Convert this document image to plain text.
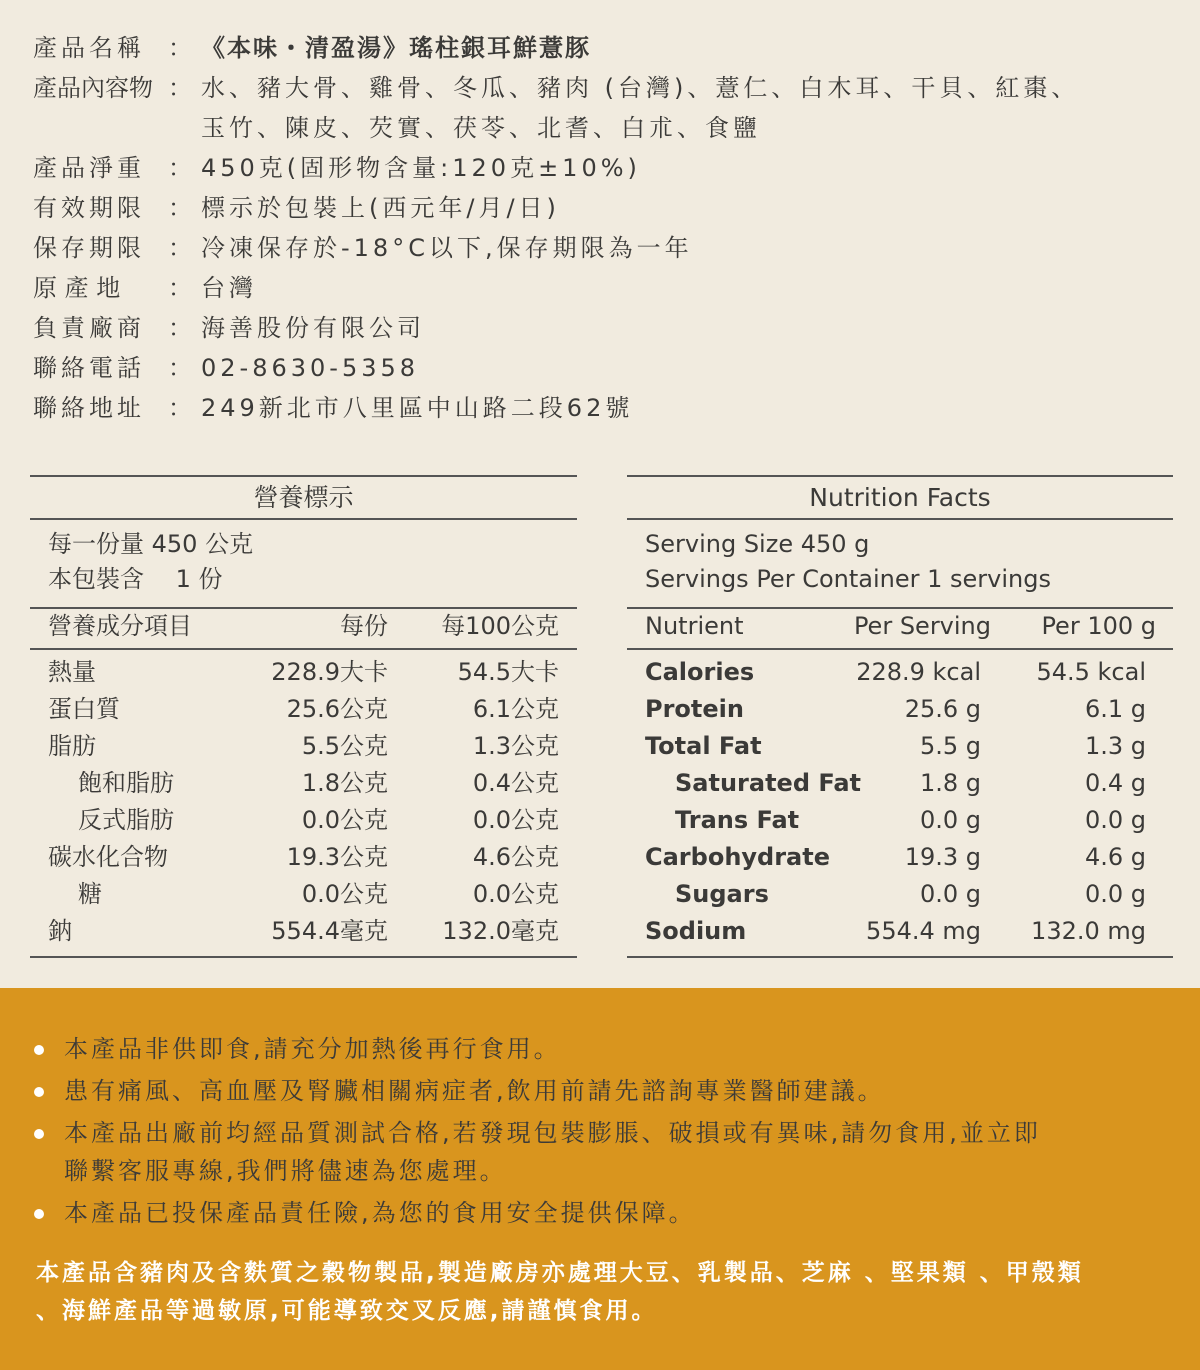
產品名稱 ： 《本味・清盈湯》瑤柱銀耳鮮薏豚
產品內容物 ： 水、豬大骨、雞骨、冬瓜、豬肉 (台灣)、薏仁、白木耳、干貝、紅棗、
玉竹、陳皮、芡實、茯苓、北耆、白朮、食鹽
產品淨重 ： 450克(固形物含量:120克±10%)
有效期限 ： 標示於包裝上(西元年/月/日)
保存期限 ： 冷凍保存於-18°C以下,保存期限為一年
原 產 地	： 台灣
負責廠商 ： 海善股份有限公司
聯絡電話 ： 02-8630-5358
聯絡地址 ： 249新北市八里區中山路二段62號
營養標示
每一份量 450 公克
本包裝含　 1 份
營養成分項目	每份 每100公克
熱量	228.9大卡	54.5大卡
蛋白質	25.6公克	6.1公克
脂肪	5.5公克	1.3公克
飽和脂肪	1.8公克	0.4公克
反式脂肪	0.0公克	0.0公克
碳水化合物	19.3公克	4.6公克
糖	0.0公克	0.0公克
鈉	554.4毫克 132.0毫克
Nutrition Facts
Serving Size 450 g
Servings Per Container 1 servings
Nutrient	Per Serving Per 100 g
Calories	228.9 kcal 54.5 kcal
Protein	25.6 g	6.1 g
Total Fat	5.5 g	1.3 g
Saturated Fat 1.8 g	0.4 g
Trans Fat	0.0 g	0.0 g
Carbohydrate	19.3 g	4.6 g
Sugars	0.0 g	0.0 g
Sodium	554.4 mg 132.0 mg
本產品非供即食,請充分加熱後再行食用。
患有痛風、高血壓及腎臟相關病症者,飲用前請先諮詢專業醫師建議。
本產品出廠前均經品質測試合格,若發現包裝膨脹、破損或有異味,請勿食用,並立即
聯繫客服專線,我們將儘速為您處理。
本產品已投保產品責任險,為您的食用安全提供保障。
本產品含豬肉及含麩質之穀物製品,製造廠房亦處理大豆、乳製品、芝麻 、堅果類 、甲殼類
、海鮮產品等過敏原,可能導致交叉反應,請謹慎食用。
